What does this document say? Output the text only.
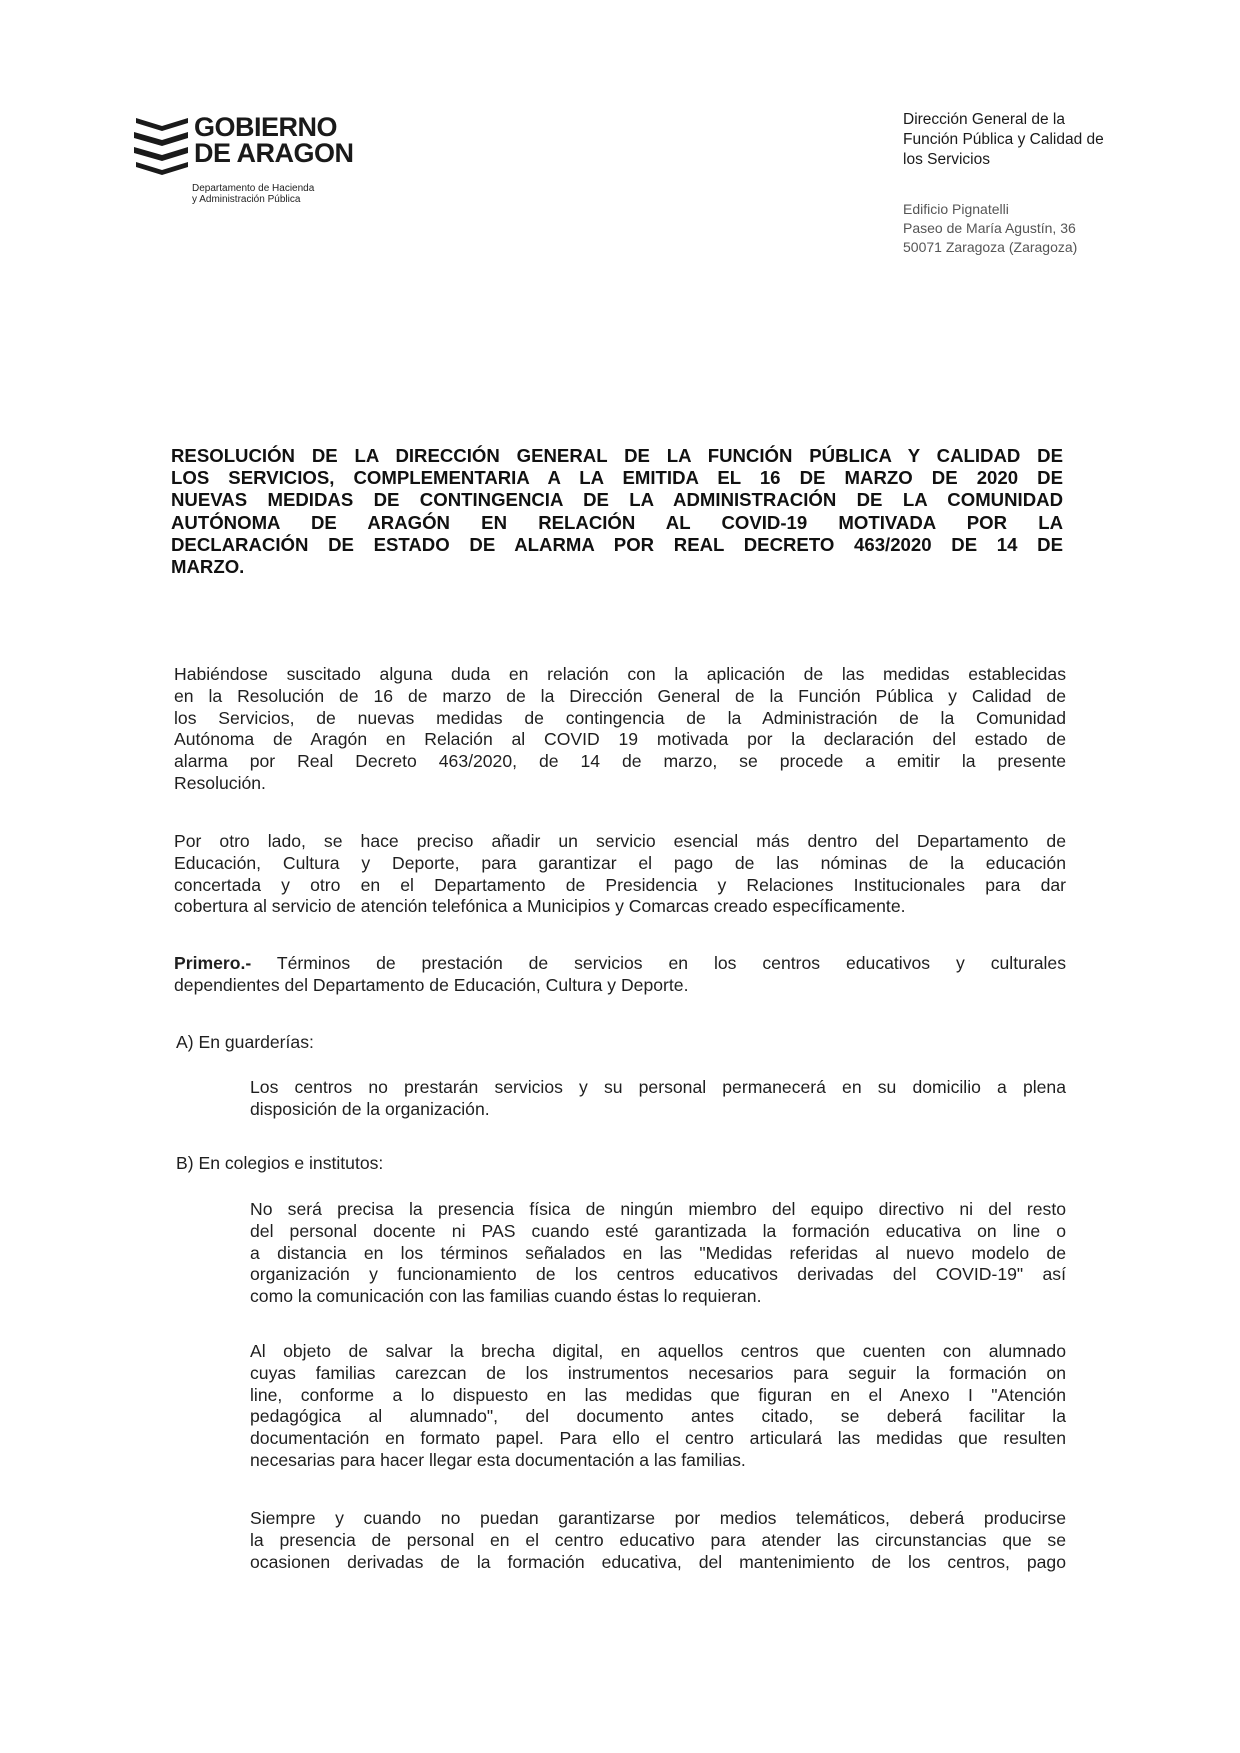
GOBIERNO
DE ARAGON
Departamento de Hacienda
y Administración Pública
Dirección General de la
Función Pública y Calidad de
los Servicios
Edificio Pignatelli
Paseo de María Agustín, 36
50071 Zaragoza (Zaragoza)
RESOLUCIÓN DE LA DIRECCIÓN GENERAL DE LA FUNCIÓN PÚBLICA Y CALIDAD DE
LOS SERVICIOS, COMPLEMENTARIA A LA EMITIDA EL 16 DE MARZO DE 2020 DE
NUEVAS MEDIDAS DE CONTINGENCIA DE LA ADMINISTRACIÓN DE LA COMUNIDAD
AUTÓNOMA DE ARAGÓN EN RELACIÓN AL COVID-19 MOTIVADA POR LA
DECLARACIÓN DE ESTADO DE ALARMA POR REAL DECRETO 463/2020 DE 14 DE
MARZO.
Habiéndose suscitado alguna duda en relación con la aplicación de las medidas establecidas
en la Resolución de 16 de marzo de la Dirección General de la Función Pública y Calidad de
los Servicios, de nuevas medidas de contingencia de la Administración de la Comunidad
Autónoma de Aragón en Relación al COVID 19 motivada por la declaración del estado de
alarma por Real Decreto 463/2020, de 14 de marzo, se procede a emitir la presente
Resolución.
Por otro lado, se hace preciso añadir un servicio esencial más dentro del Departamento de
Educación, Cultura y Deporte, para garantizar el pago de las nóminas de la educación
concertada y otro en el Departamento de Presidencia y Relaciones Institucionales para dar
cobertura al servicio de atención telefónica a Municipios y Comarcas creado específicamente.
Primero.- Términos de prestación de servicios en los centros educativos y culturales
dependientes del Departamento de Educación, Cultura y Deporte.
A) En guarderías:
Los centros no prestarán servicios y su personal permanecerá en su domicilio a plena
disposición de la organización.
B) En colegios e institutos:
No será precisa la presencia física de ningún miembro del equipo directivo ni del resto
del personal docente ni PAS cuando esté garantizada la formación educativa on line o
a distancia en los términos señalados en las "Medidas referidas al nuevo modelo de
organización y funcionamiento de los centros educativos derivadas del COVID-19" así
como la comunicación con las familias cuando éstas lo requieran.
Al objeto de salvar la brecha digital, en aquellos centros que cuenten con alumnado
cuyas familias carezcan de los instrumentos necesarios para seguir la formación on
line, conforme a lo dispuesto en las medidas que figuran en el Anexo I "Atención
pedagógica al alumnado", del documento antes citado, se deberá facilitar la
documentación en formato papel. Para ello el centro articulará las medidas que resulten
necesarias para hacer llegar esta documentación a las familias.
Siempre y cuando no puedan garantizarse por medios telemáticos, deberá producirse
la presencia de personal en el centro educativo para atender las circunstancias que se
ocasionen derivadas de la formación educativa, del mantenimiento de los centros, pago
